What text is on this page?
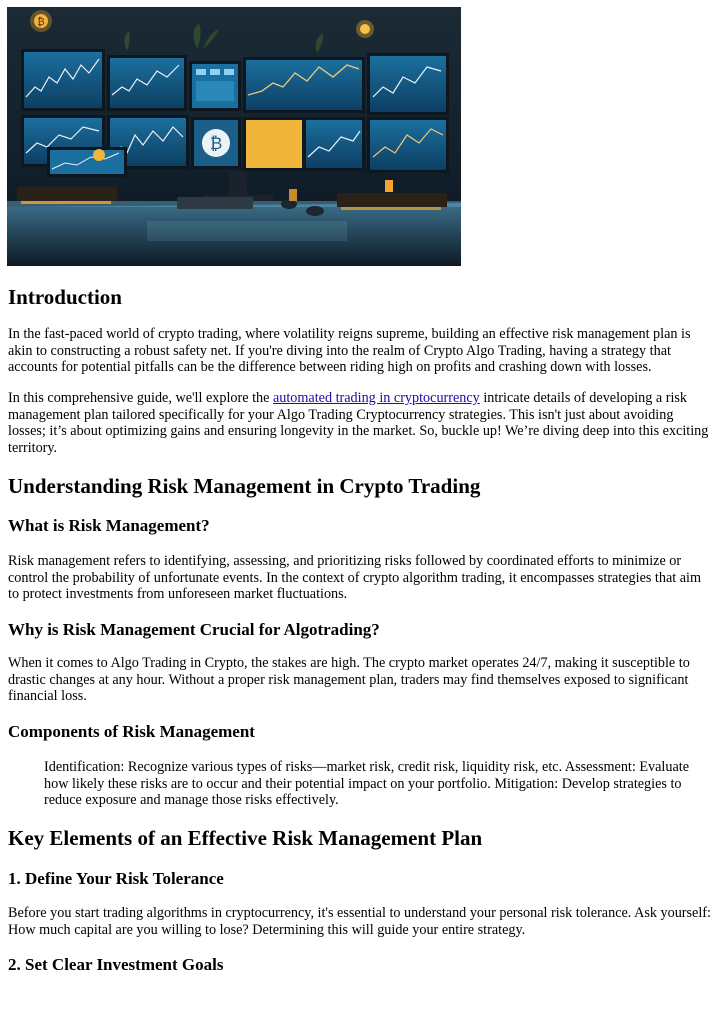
₿
₿
Introduction

In the fast-paced world of crypto trading, where volatility reigns supreme, building an effective risk management plan is akin to constructing a robust safety net. If you're diving into the realm of Crypto Algo Trading, having a strategy that accounts for potential pitfalls can be the difference between riding high on profits and crashing down with losses.

In this comprehensive guide, we'll explore the automated trading in cryptocurrency intricate details of developing a risk management plan tailored specifically for your Algo Trading Cryptocurrency strategies. This isn't just about avoiding losses; it’s about optimizing gains and ensuring longevity in the market. So, buckle up! We’re diving deep into this exciting territory.

Understanding Risk Management in Crypto Trading
What is Risk Management?

Risk management refers to identifying, assessing, and prioritizing risks followed by coordinated efforts to minimize or control the probability of unfortunate events. In the context of crypto algorithm trading, it encompasses strategies that aim to protect investments from unforeseen market fluctuations.

Why is Risk Management Crucial for Algotrading?

When it comes to Algo Trading in Crypto, the stakes are high. The crypto market operates 24/7, making it susceptible to drastic changes at any hour. Without a proper risk management plan, traders may find themselves exposed to significant financial loss.

Components of Risk Management

Identification: Recognize various types of risks—market risk, credit risk, liquidity risk, etc. Assessment: Evaluate how likely these risks are to occur and their potential impact on your portfolio. Mitigation: Develop strategies to reduce exposure and manage those risks effectively.

Key Elements of an Effective Risk Management Plan
1. Define Your Risk Tolerance

Before you start trading algorithms in cryptocurrency, it's essential to understand your personal risk tolerance. Ask yourself: How much capital are you willing to lose? Determining this will guide your entire strategy.

2. Set Clear Investment Goals
